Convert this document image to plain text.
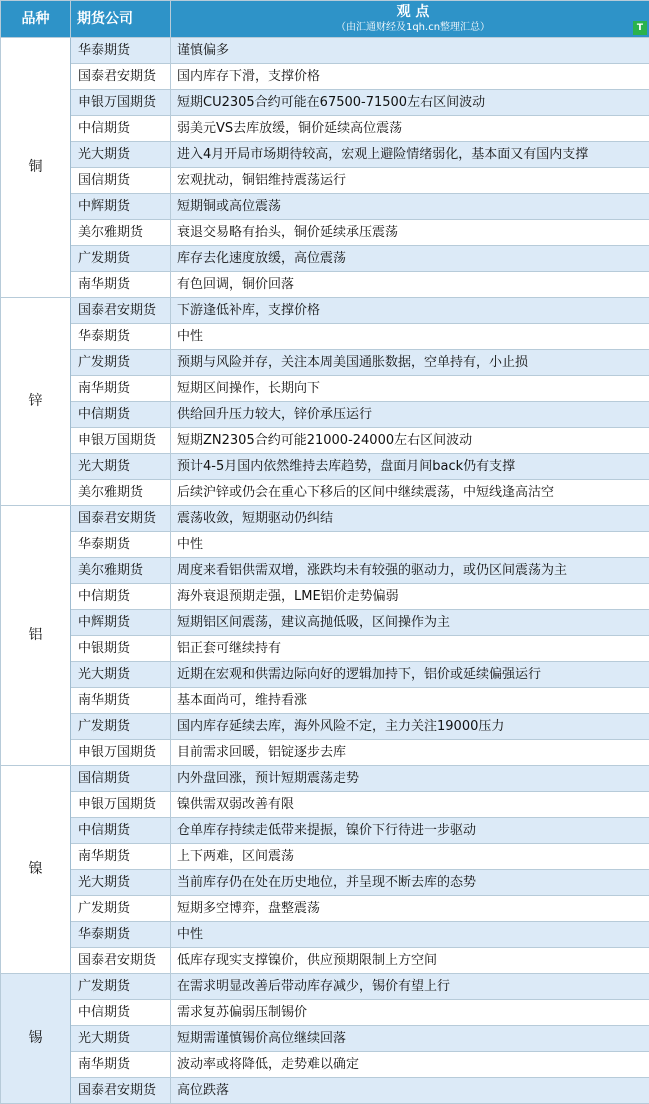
品种	期货公司	观 点
（由汇通财经及1qh.cn整理汇总） T

铜	华泰期货	谨慎偏多
	国泰君安期货	国内库存下滑，支撑价格
	申银万国期货	短期CU2305合约可能在67500-71500左右区间波动
	中信期货	弱美元VS去库放缓，铜价延续高位震荡
	光大期货	进入4月开局市场期待较高，宏观上避险情绪弱化，基本面又有国内支撑
	国信期货	宏观扰动，铜铝维持震荡运行
	中辉期货	短期铜或高位震荡
	美尔雅期货	衰退交易略有抬头，铜价延续承压震荡
	广发期货	库存去化速度放缓，高位震荡
	南华期货	有色回调，铜价回落
锌	国泰君安期货	下游逢低补库，支撑价格
	华泰期货	中性
	广发期货	预期与风险并存，关注本周美国通胀数据，空单持有，小止损
	南华期货	短期区间操作，长期向下
	中信期货	供给回升压力较大，锌价承压运行
	申银万国期货	短期ZN2305合约可能21000-24000左右区间波动
	光大期货	预计4-5月国内依然维持去库趋势，盘面月间back仍有支撑
	美尔雅期货	后续沪锌或仍会在重心下移后的区间中继续震荡，中短线逢高沽空
铝	国泰君安期货	震荡收敛，短期驱动仍纠结
	华泰期货	中性
	美尔雅期货	周度来看铝供需双增，涨跌均未有较强的驱动力，或仍区间震荡为主
	中信期货	海外衰退预期走强，LME铝价走势偏弱
	中辉期货	短期铝区间震荡，建议高抛低吸，区间操作为主
	中银期货	铝正套可继续持有
	光大期货	近期在宏观和供需边际向好的逻辑加持下，铝价或延续偏强运行
	南华期货	基本面尚可，维持看涨
	广发期货	国内库存延续去库，海外风险不定，主力关注19000压力
	申银万国期货	目前需求回暖，铝锭逐步去库
镍	国信期货	内外盘回涨，预计短期震荡走势
	申银万国期货	镍供需双弱改善有限
	中信期货	仓单库存持续走低带来提振，镍价下行待进一步驱动
	南华期货	上下两难，区间震荡
	光大期货	当前库存仍在处在历史地位，并呈现不断去库的态势
	广发期货	短期多空博弈，盘整震荡
	华泰期货	中性
	国泰君安期货	低库存现实支撑镍价，供应预期限制上方空间
锡	广发期货	在需求明显改善后带动库存减少，锡价有望上行
	中信期货	需求复苏偏弱压制锡价
	光大期货	短期需谨慎锡价高位继续回落
	南华期货	波动率或将降低，走势难以确定
	国泰君安期货	高位跌落
